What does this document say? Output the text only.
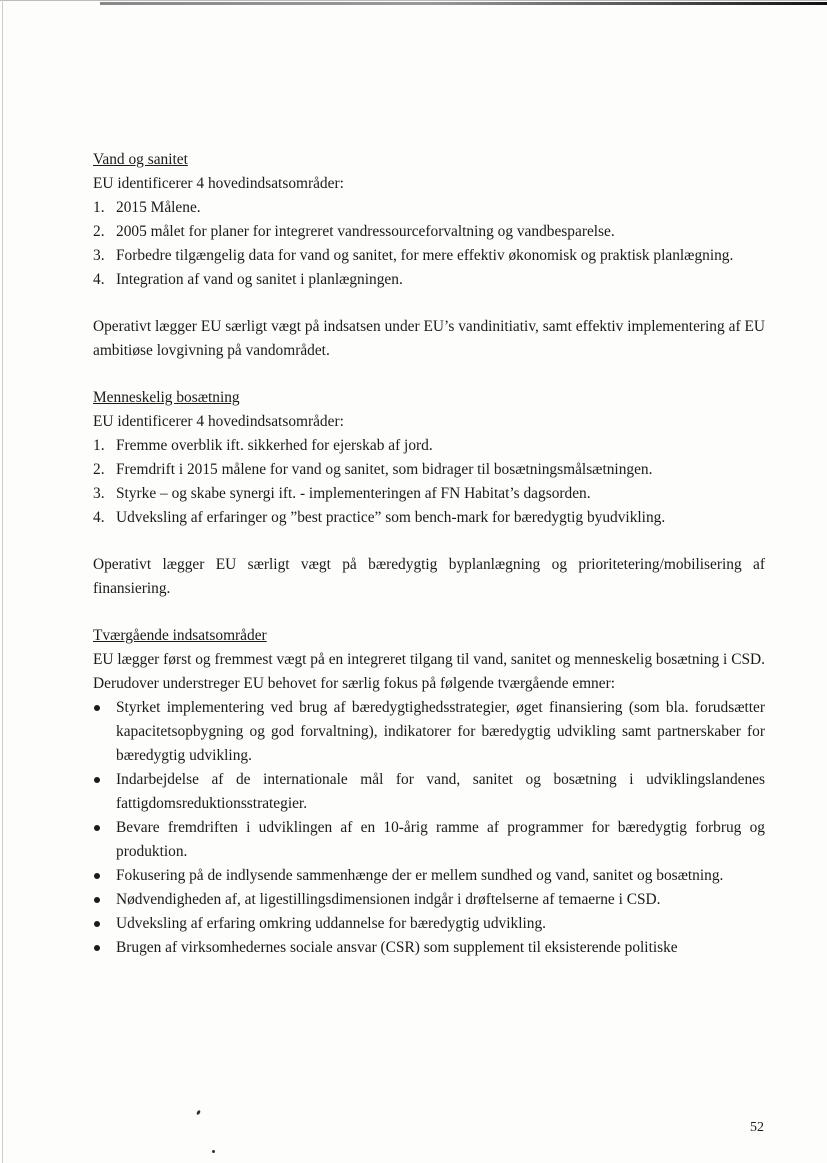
Vand og sanitet

EU identificerer 4 hovedindsatsområder:

1. 2015 Målene.
2. 2005 målet for planer for integreret vandressourceforvaltning og vandbesparelse.
3. Forbedre tilgængelig data for vand og sanitet, for mere effektiv økonomisk og praktisk planlægning.
4. Integration af vand og sanitet i planlægningen.

Operativt lægger EU særligt vægt på indsatsen under EU’s vandinitiativ, samt effektiv implementering af EU ambitiøse lovgivning på vandområdet.

Menneskelig bosætning

EU identificerer 4 hovedindsatsområder:

1. Fremme overblik ift. sikkerhed for ejerskab af jord.
2. Fremdrift i 2015 målene for vand og sanitet, som bidrager til bosætningsmålsætningen.
3. Styrke – og skabe synergi ift. - implementeringen af FN Habitat’s dagsorden.
4. Udveksling af erfaringer og ”best practice” som bench-mark for bæredygtig byudvikling.

Operativt lægger EU særligt vægt på bæredygtig byplanlægning og prioritetering/mobilisering af finansiering.

Tværgående indsatsområder

EU lægger først og fremmest vægt på en integreret tilgang til vand, sanitet og menneskelig bosætning i CSD. Derudover understreger EU behovet for særlig fokus på følgende tværgående emner:

Styrket implementering ved brug af bæredygtighedsstrategier, øget finansiering (som bla. forudsætter kapacitetsopbygning og god forvaltning), indikatorer for bæredygtig udvikling samt partnerskaber for bæredygtig udvikling.
Indarbejdelse af de internationale mål for vand, sanitet og bosætning i udviklingslandenes fattigdomsreduktionsstrategier.
Bevare fremdriften i udviklingen af en 10-årig ramme af programmer for bæredygtig forbrug og produktion.
Fokusering på de indlysende sammenhænge der er mellem sundhed og vand, sanitet og bosætning.
Nødvendigheden af, at ligestillingsdimensionen indgår i drøftelserne af temaerne i CSD.
Udveksling af erfaring omkring uddannelse for bæredygtig udvikling.
Brugen af virksomhedernes sociale ansvar (CSR) som supplement til eksisterende politiske
52
